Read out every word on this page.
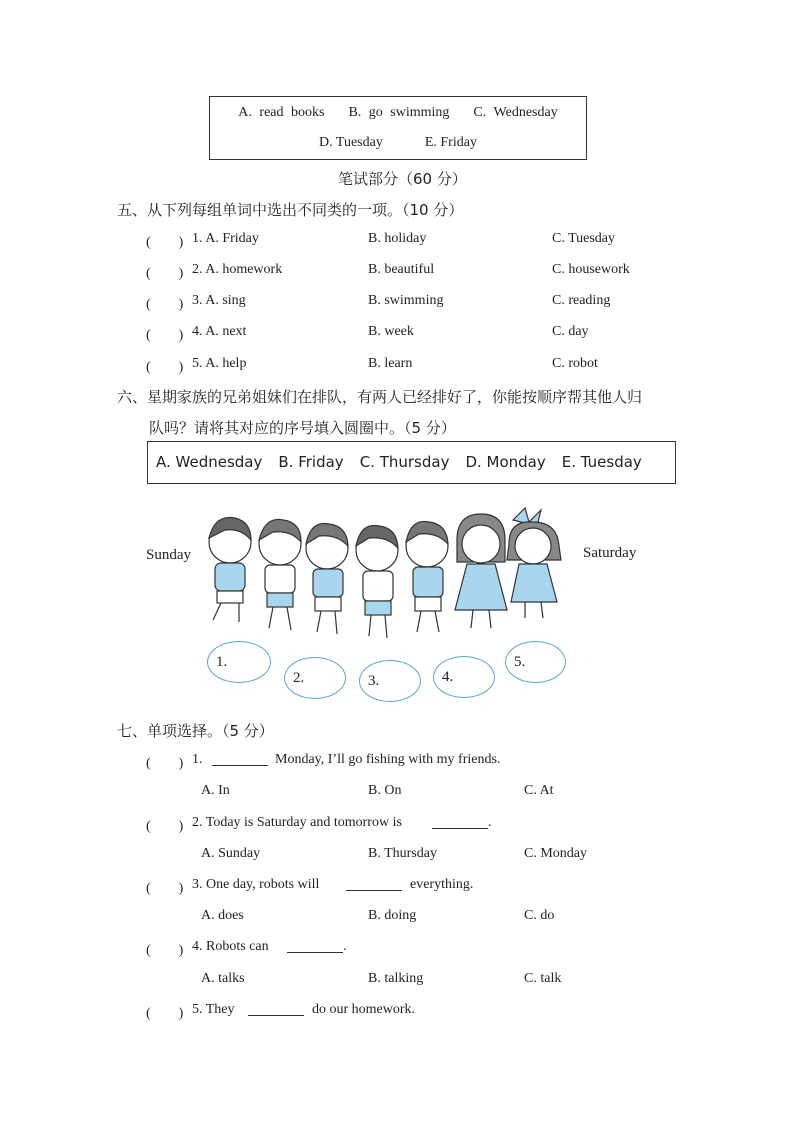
A. read books B. go swimming C. Wednesday
D. Tuesday	E. Friday
笔试部分（60 分）
五、从下列每组单词中选出不同类的一项。（10 分）
(　　) 1. A. Friday	B. holiday	C. Tuesday
(　　) 2. A. homework	B. beautiful	C. housework
(　　) 3. A. sing	B. swimming	C. reading
(　　) 4. A. next	B. week	C. day
(　　) 5. A. help	B. learn	C. robot
六、星期家族的兄弟姐妹们在排队，有两人已经排好了，你能按顺序帮其他人归
队吗？请将其对应的序号填入圆圈中。（5 分）
A. Wednesday B. Friday C. Thursday D. Monday E. Tuesday
Sunday	Saturday
1.
2.	3.	4.
5.
七、单项选择。（5 分）
(　　) 1.	Monday, I’ll go fishing with my friends.
A. In	B. On	C. At
(　　) 2. Today is Saturday and tomorrow is	.
A. Sunday	B. Thursday	C. Monday
(　　) 3. One day, robots will	everything.
A. does	B. doing	C. do
(　　) 4. Robots can	.
A. talks	B. talking	C. talk
(　　) 5. They	do our homework.
